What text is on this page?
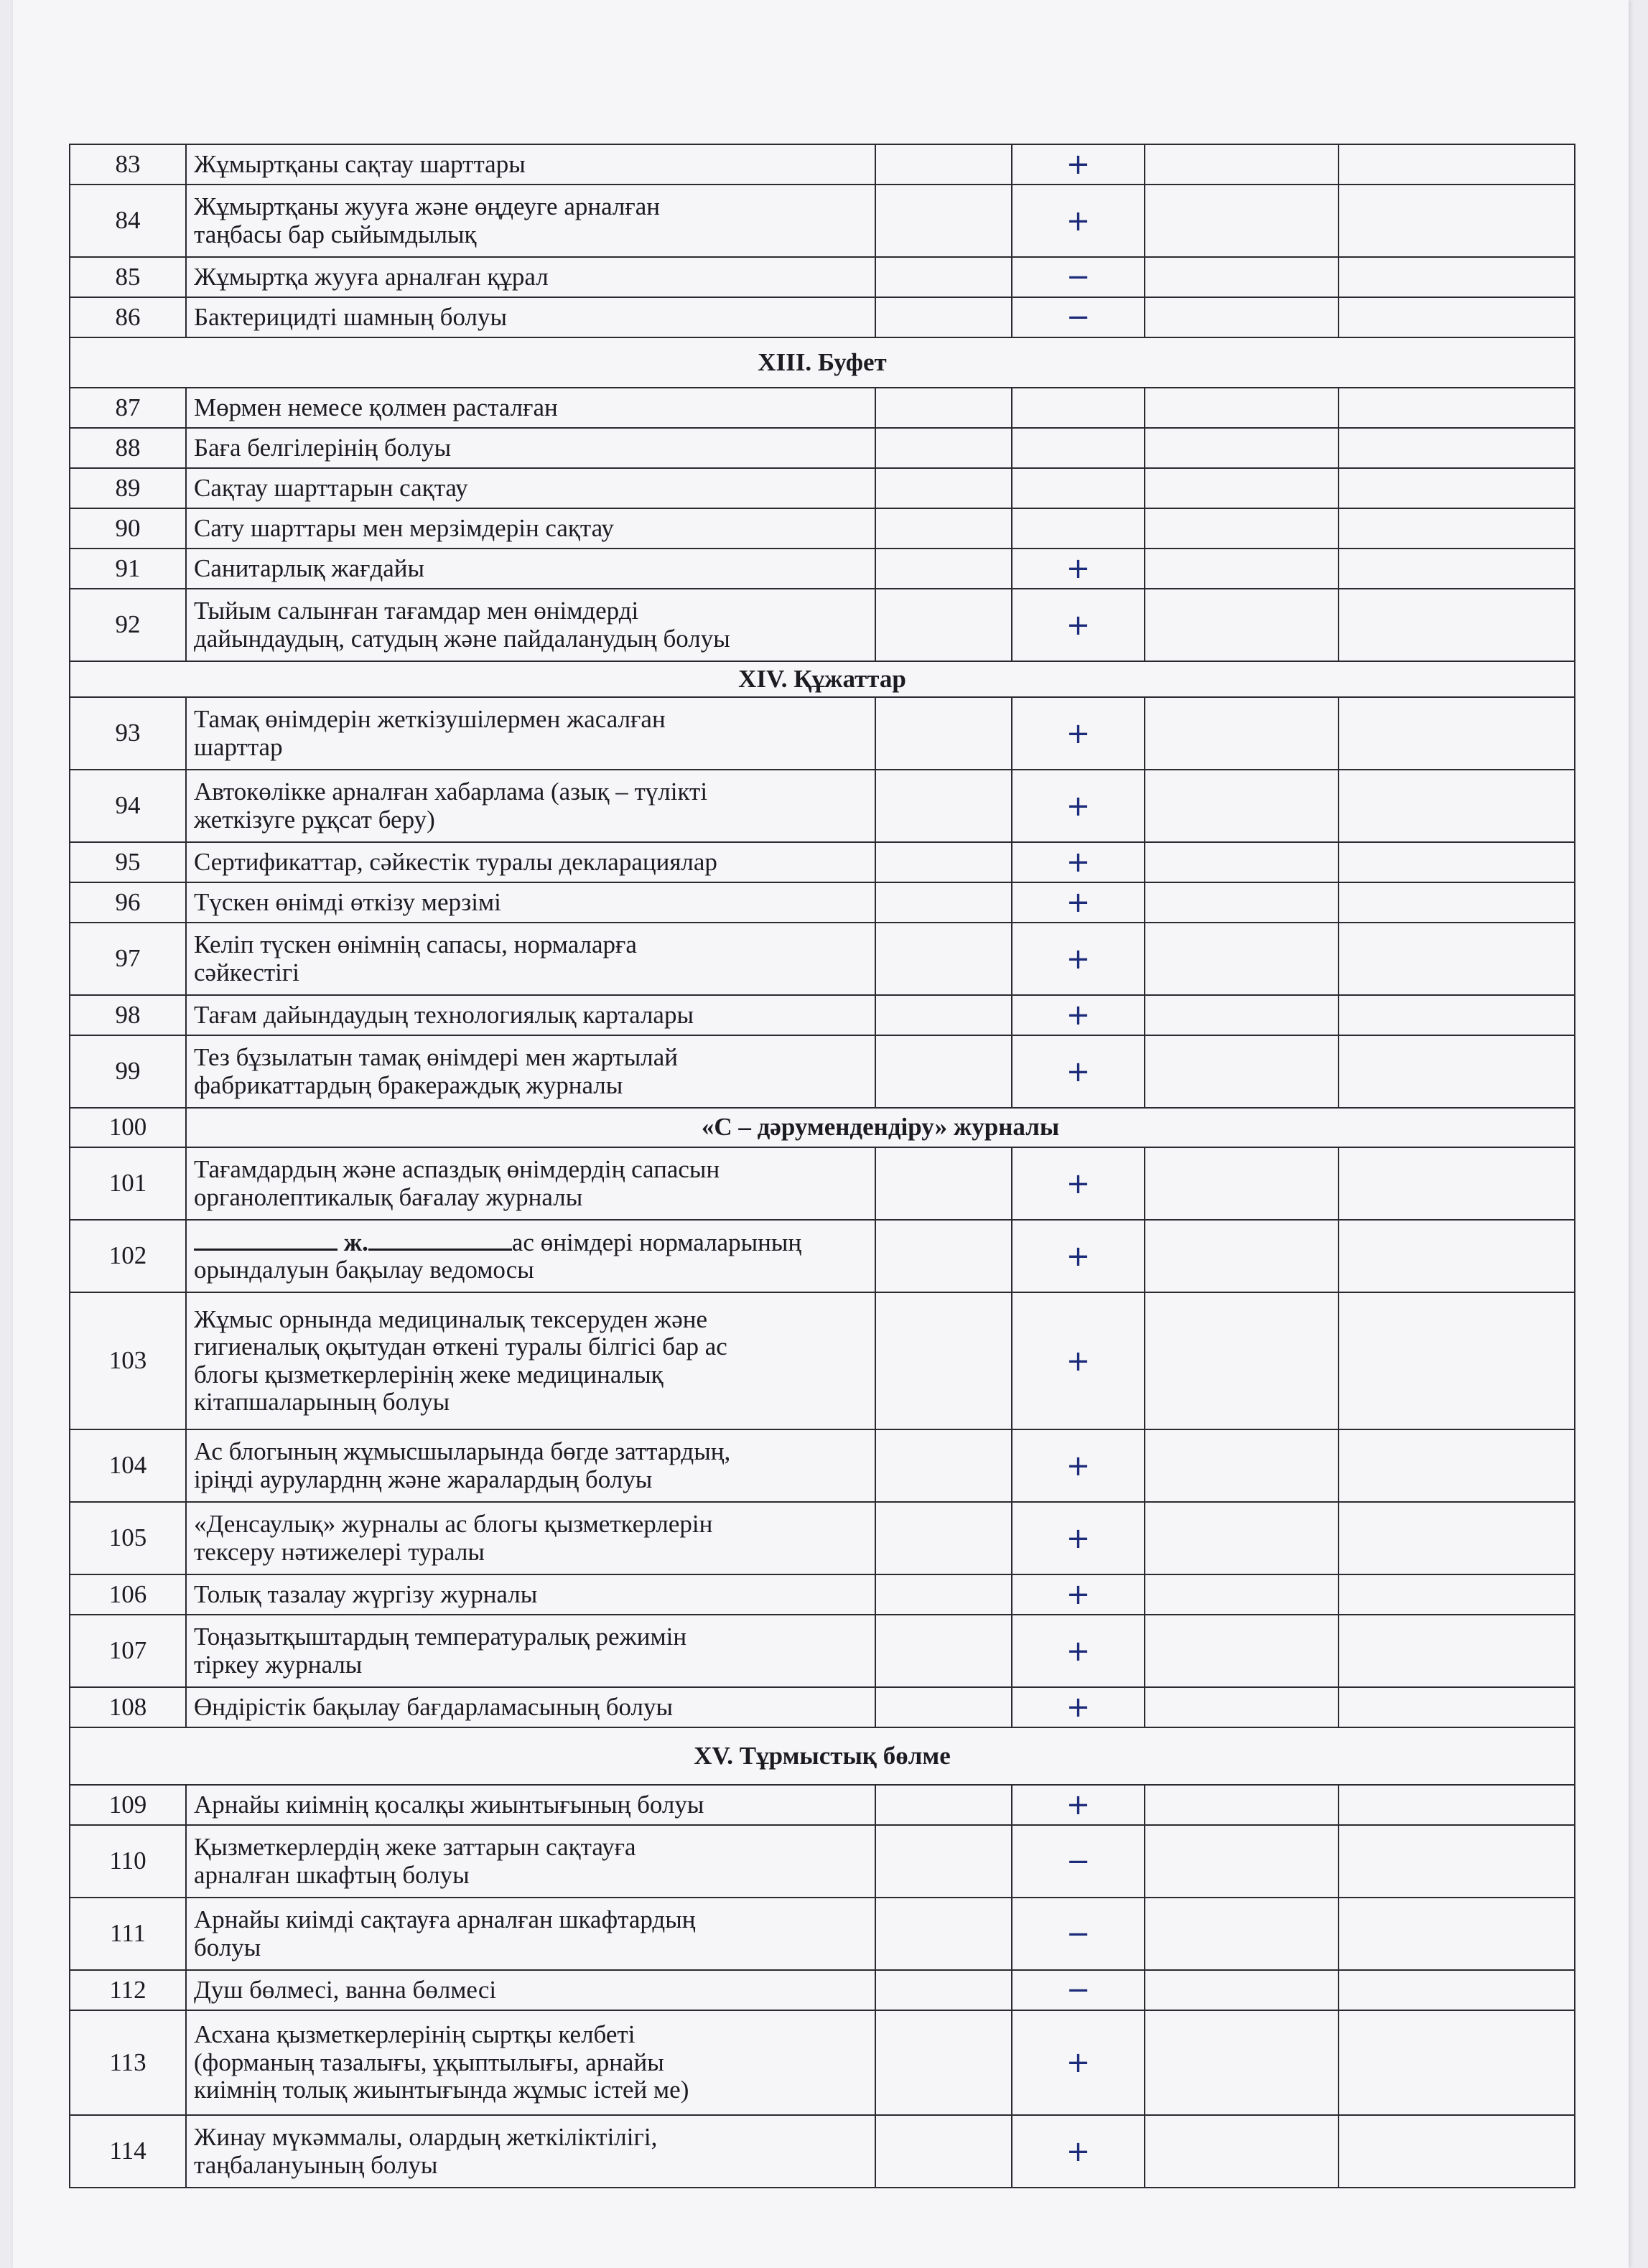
83	Жұмыртқаны сақтау шарттары		+		
84	Жұмыртқаны жууға және өңдеуге арналған
таңбасы бар сыйымдылық		+		
85	Жұмыртқа жууға арналған құрал		−		
86	Бактерицидті шамның болуы		−		
XIII. Буфет					
87	Мөрмен немесе қолмен расталған				
88	Баға белгілерінің болуы				
89	Сақтау шарттарын сақтау				
90	Сату шарттары мен мерзімдерін сақтау				
91	Санитарлық жағдайы		+		
92	Тыйым салынған тағамдар мен өнімдерді
дайындаудың, сатудың және пайдаланудың болуы		+		
XIV. Құжаттар					
93	Тамақ өнімдерін жеткізушілермен жасалған
шарттар		+		
94	Автокөлікке арналған хабарлама (азық – түлікті
жеткізуге рұқсат беру)		+		
95	Сертификаттар, сәйкестік туралы декларациялар		+		
96	Түскен өнімді өткізу мерзімі		+		
97	Келіп түскен өнімнің сапасы, нормаларға
сәйкестігі		+		
98	Тағам дайындаудың технологиялық карталары		+		
99	Тез бұзылатын тамақ өнімдері мен жартылай
фабрикаттардың бракераждық журналы		+		
100	«С – дәрумендендіру» журналы				
101	Тағамдардың және аспаздық өнімдердің сапасын
органолептикалық бағалау журналы		+		
102	ж. ас өнімдері нормаларының
орындалуын бақылау ведомосы		+		
103	Жұмыс орнында медициналық тексеруден және
гигиеналық оқытудан өткені туралы білгісі бар ас
блогы қызметкерлерінің жеке медициналық
кітапшаларының болуы		+		
104	Ас блогының жұмысшыларында бөгде заттардың,
іріңді ауруларднң және жаралардың болуы		+		
105	«Денсаулық» журналы ас блогы қызметкерлерін
тексеру нәтижелері туралы		+		
106	Толық тазалау жүргізу журналы		+		
107	Тоңазытқыштардың температуралық режимін
тіркеу журналы		+		
108	Өндірістік бақылау бағдарламасының болуы		+		
XV. Тұрмыстық бөлме					
109	Арнайы киімнің қосалқы жиынтығының болуы		+		
110	Қызметкерлердің жеке заттарын сақтауға
арналған шкафтың болуы		−		
111	Арнайы киімді сақтауға арналған шкафтардың
болуы		−		
112	Душ бөлмесі, ванна бөлмесі		−		
113	Асхана қызметкерлерінің сыртқы келбеті
(форманың тазалығы, ұқыптылығы, арнайы
киімнің толық жиынтығында жұмыс істей ме)		+		
114	Жинау мүкәммалы, олардың жеткіліктілігі,
таңбалануының болуы		+		
